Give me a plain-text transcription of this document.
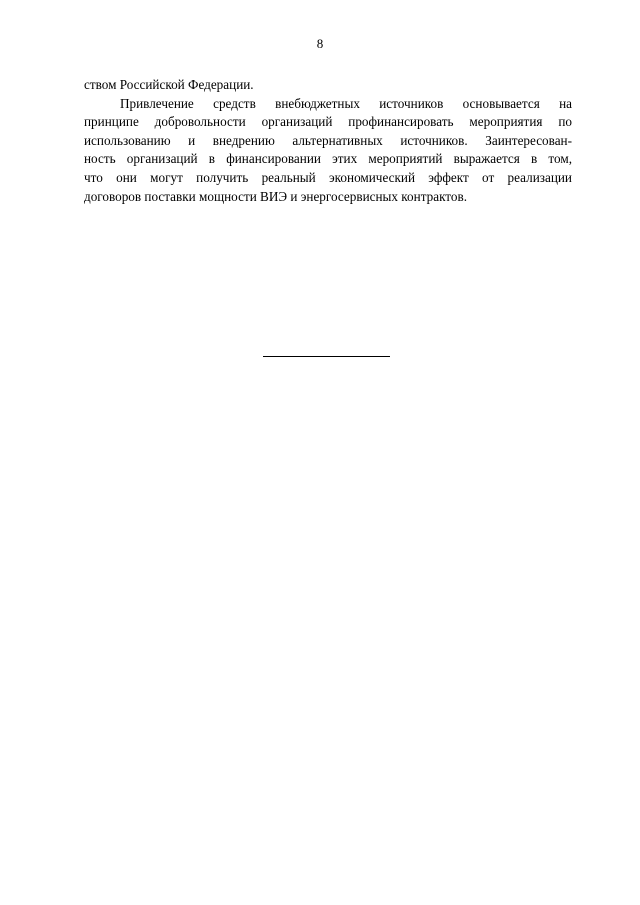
8
ством Российской Федерации.
Привлечение средств внебюджетных источников основывается на
принципе добровольности организаций профинансировать мероприятия по
использованию и внедрению альтернативных источников. Заинтересован-
ность организаций в финансировании этих мероприятий выражается в том,
что они могут получить реальный экономический эффект от реализации
договоров поставки мощности ВИЭ и энергосервисных контрактов.
